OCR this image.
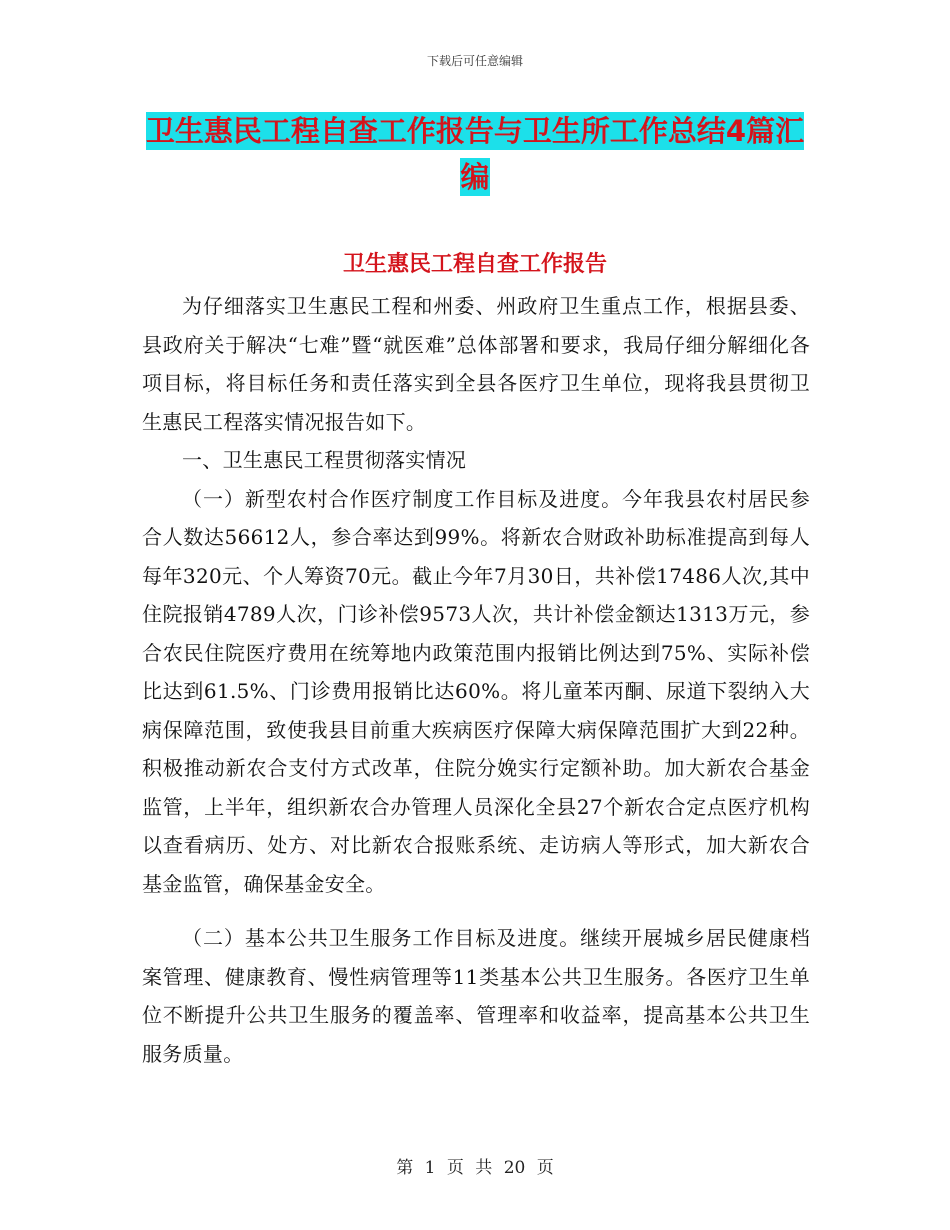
下载后可任意编辑
卫生惠民工程自查工作报告与卫生所工作总结4篇汇编
卫生惠民工程自查工作报告

为仔细落实卫生惠民工程和州委、州政府卫生重点工作，根据县委、县政府关于解决“七难”暨“就医难”总体部署和要求，我局仔细分解细化各项目标，将目标任务和责任落实到全县各医疗卫生单位，现将我县贯彻卫生惠民工程落实情况报告如下。

一、卫生惠民工程贯彻落实情况

（一）新型农村合作医疗制度工作目标及进度。今年我县农村居民参合人数达56612人，参合率达到99%。将新农合财政补助标准提高到每人每年320元、个人筹资70元。截止今年7月30日，共补偿17486人次,其中住院报销4789人次，门诊补偿9573人次，共计补偿金额达1313万元，参合农民住院医疗费用在统筹地内政策范围内报销比例达到75%、实际补偿比达到61.5%、门诊费用报销比达60%。将儿童苯丙酮、尿道下裂纳入大病保障范围，致使我县目前重大疾病医疗保障大病保障范围扩大到22种。积极推动新农合支付方式改革，住院分娩实行定额补助。加大新农合基金监管，上半年，组织新农合办管理人员深化全县27个新农合定点医疗机构以查看病历、处方、对比新农合报账系统、走访病人等形式，加大新农合基金监管，确保基金安全。

（二）基本公共卫生服务工作目标及进度。继续开展城乡居民健康档案管理、健康教育、慢性病管理等11类基本公共卫生服务。各医疗卫生单位不断提升公共卫生服务的覆盖率、管理率和收益率，提高基本公共卫生服务质量。

第 1 页 共 20 页
